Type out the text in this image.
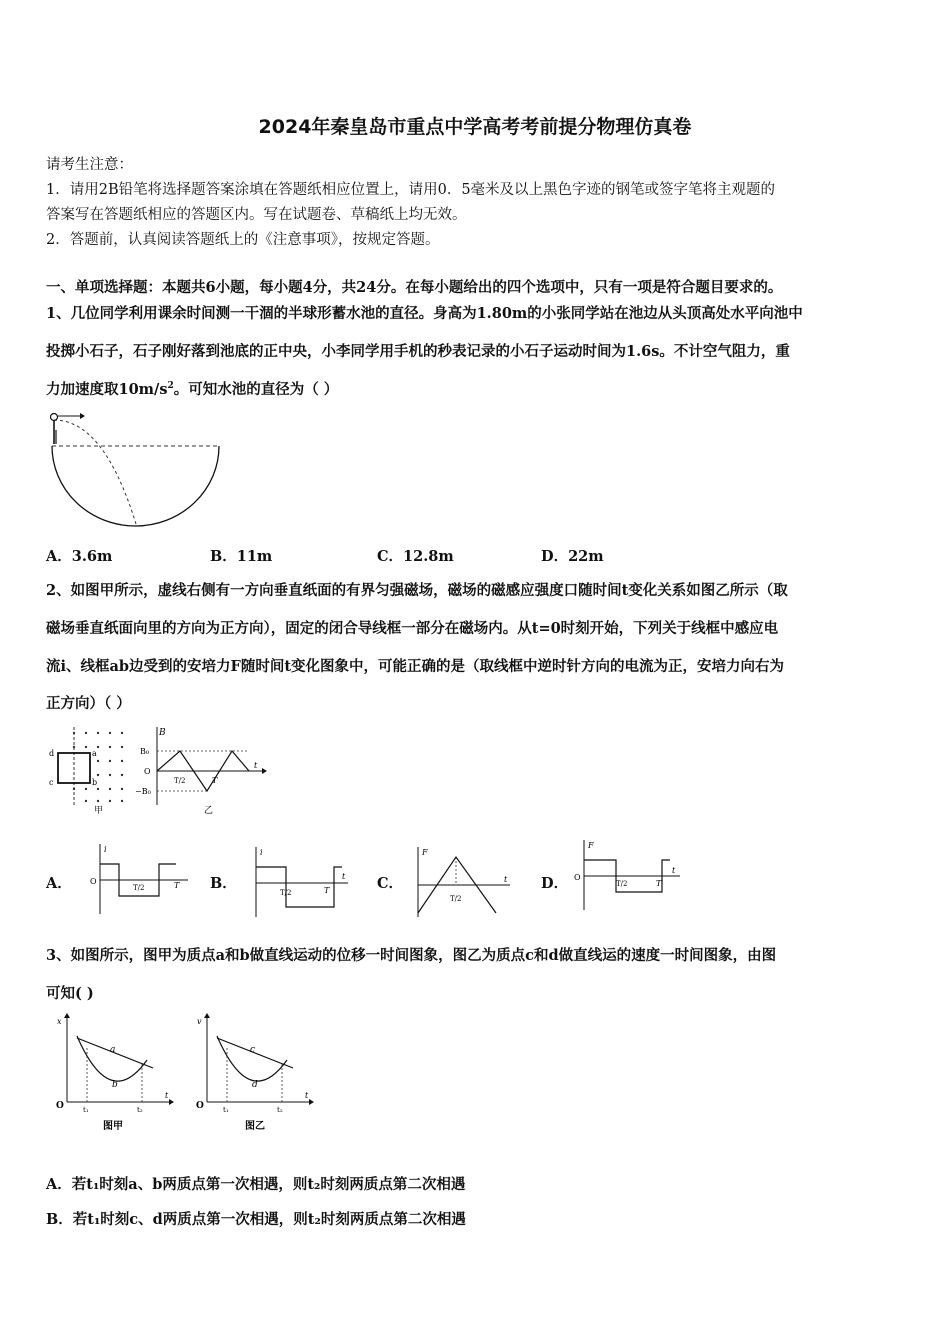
2024年秦皇岛市重点中学高考考前提分物理仿真卷
请考生注意：
1．请用2B铅笔将选择题答案涂填在答题纸相应位置上，请用0．5毫米及以上黑色字迹的钢笔或签字笔将主观题的
答案写在答题纸相应的答题区内。写在试题卷、草稿纸上均无效。
2．答题前，认真阅读答题纸上的《注意事项》，按规定答题。
一、单项选择题：本题共6小题，每小题4分，共24分。在每小题给出的四个选项中，只有一项是符合题目要求的。
1、几位同学利用课余时间测一干涸的半球形蓄水池的直径。身高为1.80m的小张同学站在池边从头顶高处水平向池中
投掷小石子，石子刚好落到池底的正中央，小李同学用手机的秒表记录的小石子运动时间为1.6s。不计空气阻力，重
力加速度取$10m/s^2$。可知水池的直径为（ ）
A．3.6m	B．11m	C．12.8m	D．22m
2、如图甲所示，虚线右侧有一方向垂直纸面的有界匀强磁场，磁场的磁感应强度口随时间t变化关系如图乙所示（取
磁场垂直纸面向里的方向为正方向），固定的闭合导线框一部分在磁场内。从t=0时刻开始，下列关于线框中感应电
流i、线框ab边受到的安培力F随时间t变化图象中，可能正确的是（取线框中逆时针方向的电流为正，安培力向右为
正方向）（ ）
d	a
c	b
甲
B
B₀
O
−B₀
T/2	T
t
乙
A．
i
O
T/2	T B．
i
T/2	T
t C．
F
T/2
t D．
F
O
T/2	T
t
3、如图所示，图甲为质点a和b做直线运动的位移一时间图象，图乙为质点c和d做直线运的速度一时间图象，由图
可知( )
x
a
b
O	t₁	t₂
t
图甲
v
c
d
O	t₁	t₂
t
图乙
A．若t₁时刻a、b两质点第一次相遇，则t₂时刻两质点第二次相遇
B．若t₁时刻c、d两质点第一次相遇，则t₂时刻两质点第二次相遇
